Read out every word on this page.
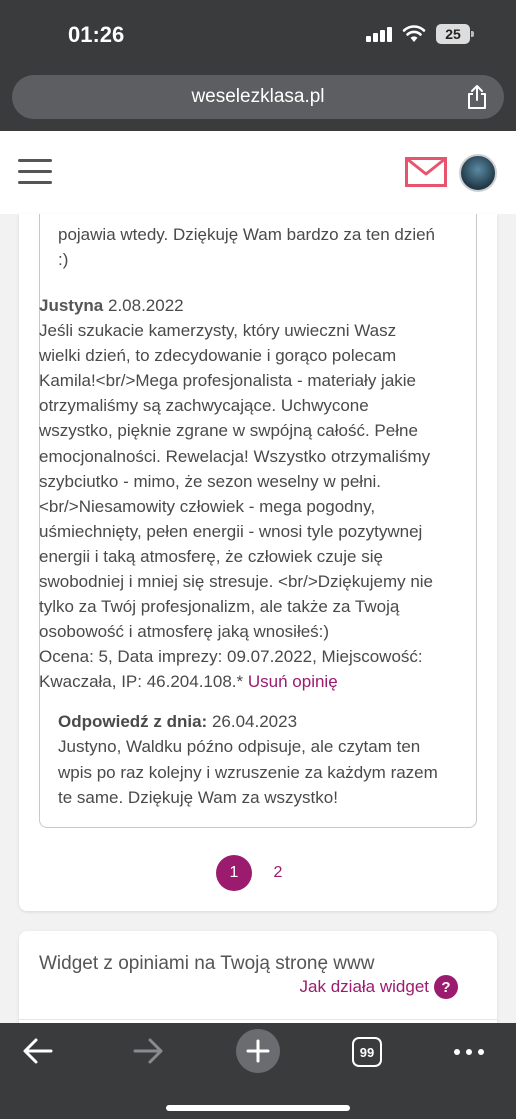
01:26	25
weselezklasa.pl
pojawia wtedy. Dziękuję Wam bardzo za ten dzień
:)
Justyna 2.08.2022
Jeśli szukacie kamerzysty, który uwieczni Wasz
wielki dzień, to zdecydowanie i gorąco polecam
Kamila!<br/>Mega profesjonalista - materiały jakie
otrzymaliśmy są zachwycające. Uchwycone
wszystko, pięknie zgrane w swpójną całość. Pełne
emocjonalności. Rewelacja! Wszystko otrzymaliśmy
szybciutko - mimo, że sezon weselny w pełni.
<br/>Niesamowity człowiek - mega pogodny,
uśmiechnięty, pełen energii - wnosi tyle pozytywnej
energii i taką atmosferę, że człowiek czuje się
swobodniej i mniej się stresuje. <br/>Dziękujemy nie
tylko za Twój profesjonalizm, ale także za Twoją
osobowość i atmosferę jaką wnosiłeś:)
Ocena: 5, Data imprezy: 09.07.2022, Miejscowość:
Kwaczała, IP: 46.204.108.* Usuń opinię
Odpowiedź z dnia: 26.04.2023
Justyno, Waldku późno odpisuje, ale czytam ten
wpis po raz kolejny i wzruszenie za każdym razem
te same. Dziękuję Wam za wszystko!
1	2
Widget z opiniami na Twoją stronę www
Jak działa widget ?
99
